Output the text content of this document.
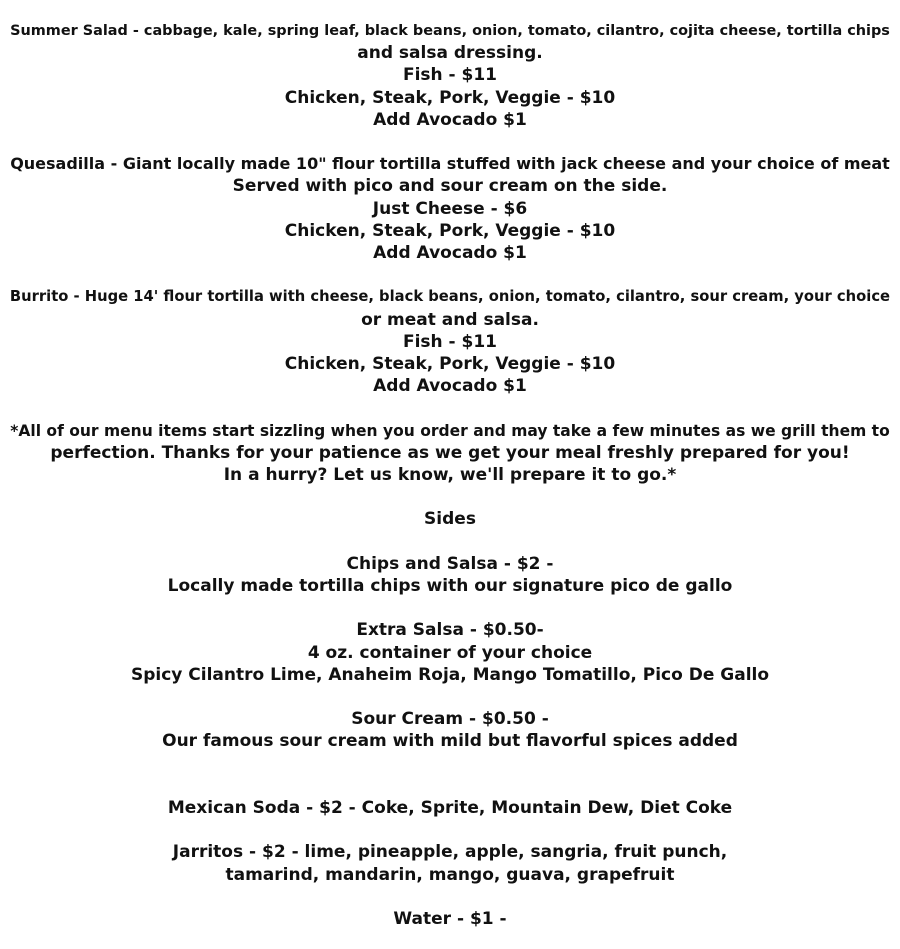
Summer Salad - cabbage, kale, spring leaf, black beans, onion, tomato, cilantro, cojita cheese, tortilla chips
and salsa dressing.
Fish - $11
Chicken, Steak, Pork, Veggie - $10
Add Avocado $1
Quesadilla - Giant locally made 10" flour tortilla stuffed with jack cheese and your choice of meat
Served with pico and sour cream on the side.
Just Cheese - $6
Chicken, Steak, Pork, Veggie - $10
Add Avocado $1
Burrito - Huge 14' flour tortilla with cheese, black beans, onion, tomato, cilantro, sour cream, your choice
or meat and salsa.
Fish - $11
Chicken, Steak, Pork, Veggie - $10
Add Avocado $1
*All of our menu items start sizzling when you order and may take a few minutes as we grill them to
perfection. Thanks for your patience as we get your meal freshly prepared for you!
In a hurry? Let us know, we'll prepare it to go.*
Sides
Chips and Salsa - $2 -
Locally made tortilla chips with our signature pico de gallo
Extra Salsa - $0.50-
4 oz. container of your choice
Spicy Cilantro Lime, Anaheim Roja, Mango Tomatillo, Pico De Gallo
Sour Cream - $0.50 -
Our famous sour cream with mild but flavorful spices added
Mexican Soda - $2 - Coke, Sprite, Mountain Dew, Diet Coke
Jarritos - $2 - lime, pineapple, apple, sangria, fruit punch,
tamarind, mandarin, mango, guava, grapefruit
Water - $1 -
